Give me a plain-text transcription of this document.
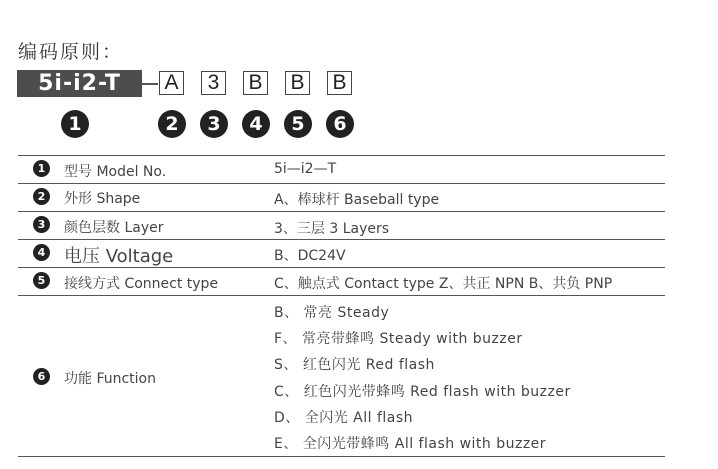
编码原则：
5i-i2-T	A	3	B B B
1	2	3	4	5	6
1	型号 Model No.	5i—i2—T
2	外形 Shape	A、棒球杆 Baseball type
3	颜色层数 Layer	3、三层 3 Layers
4 电压 Voltage	B、DC24V
5	接线方式 Connect type	C、触点式 Contact type Z、共正 NPN B、共负 PNP
6	功能 Function
B、 常亮 Steady
F、 常亮带蜂鸣 Steady with buzzer
S、 红色闪光 Red flash
C、 红色闪光带蜂鸣 Red flash with buzzer
D、 全闪光 All flash
E、 全闪光带蜂鸣 All flash with buzzer
